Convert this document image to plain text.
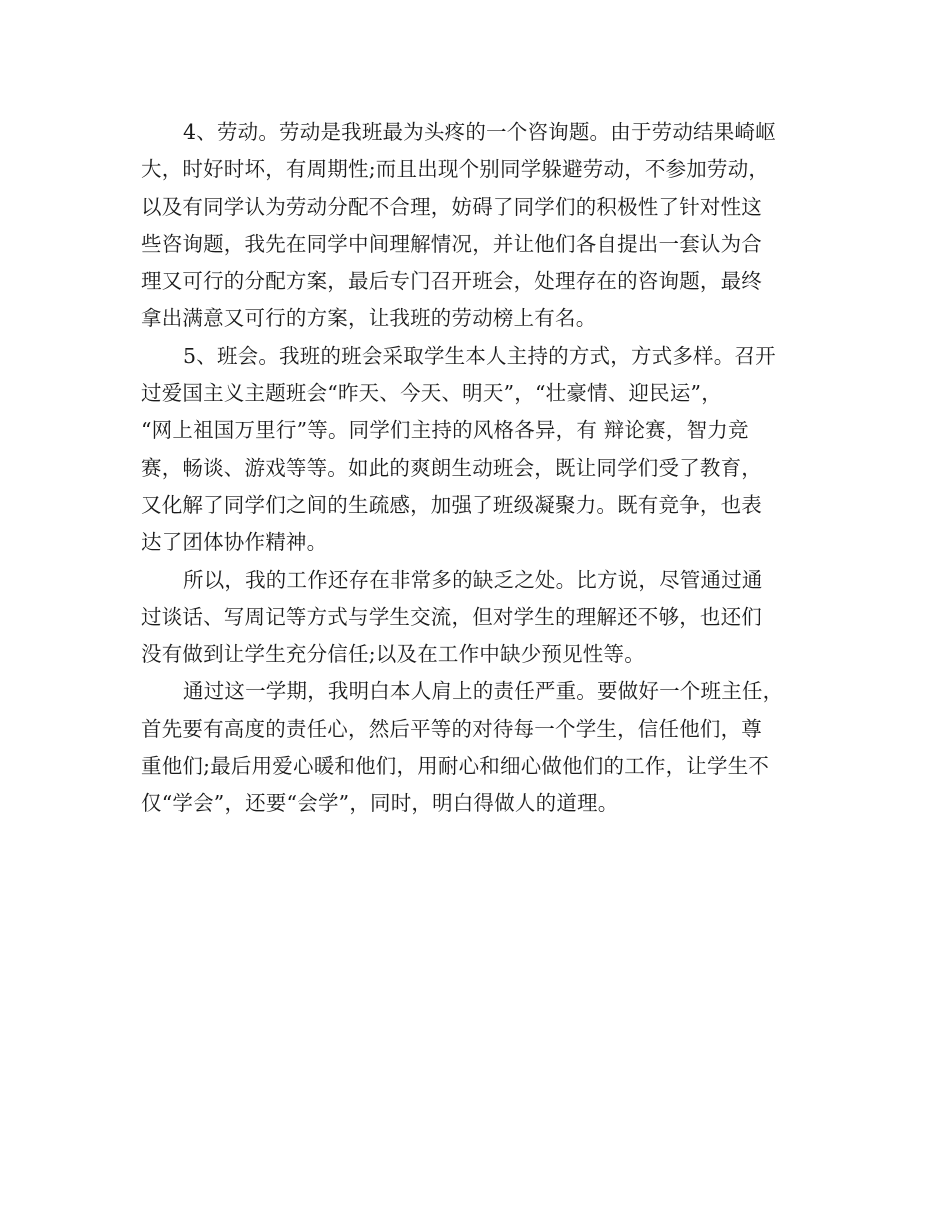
4、劳动。劳动是我班最为头疼的一个咨询题。由于劳动结果崎岖
大，时好时坏，有周期性;而且出现个别同学躲避劳动，不参加劳动，
以及有同学认为劳动分配不合理，妨碍了同学们的积极性了针对性这
些咨询题，我先在同学中间理解情况，并让他们各自提出一套认为合
理又可行的分配方案，最后专门召开班会，处理存在的咨询题，最终
拿出满意又可行的方案，让我班的劳动榜上有名。
5、班会。我班的班会采取学生本人主持的方式，方式多样。召开
过爱国主义主题班会“昨天、今天、明天”，“壮豪情、迎民运”，
“网上祖国万里行”等。同学们主持的风格各异，有 辩论赛，智力竞
赛，畅谈、游戏等等。如此的爽朗生动班会，既让同学们受了教育，
又化解了同学们之间的生疏感，加强了班级凝聚力。既有竞争，也表
达了团体协作精神。
所以，我的工作还存在非常多的缺乏之处。比方说，尽管通过通
过谈话、写周记等方式与学生交流，但对学生的理解还不够，也还们
没有做到让学生充分信任;以及在工作中缺少预见性等。
通过这一学期，我明白本人肩上的责任严重。要做好一个班主任，
首先要有高度的责任心，然后平等的对待每一个学生，信任他们，尊
重他们;最后用爱心暖和他们，用耐心和细心做他们的工作，让学生不
仅“学会”，还要“会学”，同时，明白得做人的道理。
